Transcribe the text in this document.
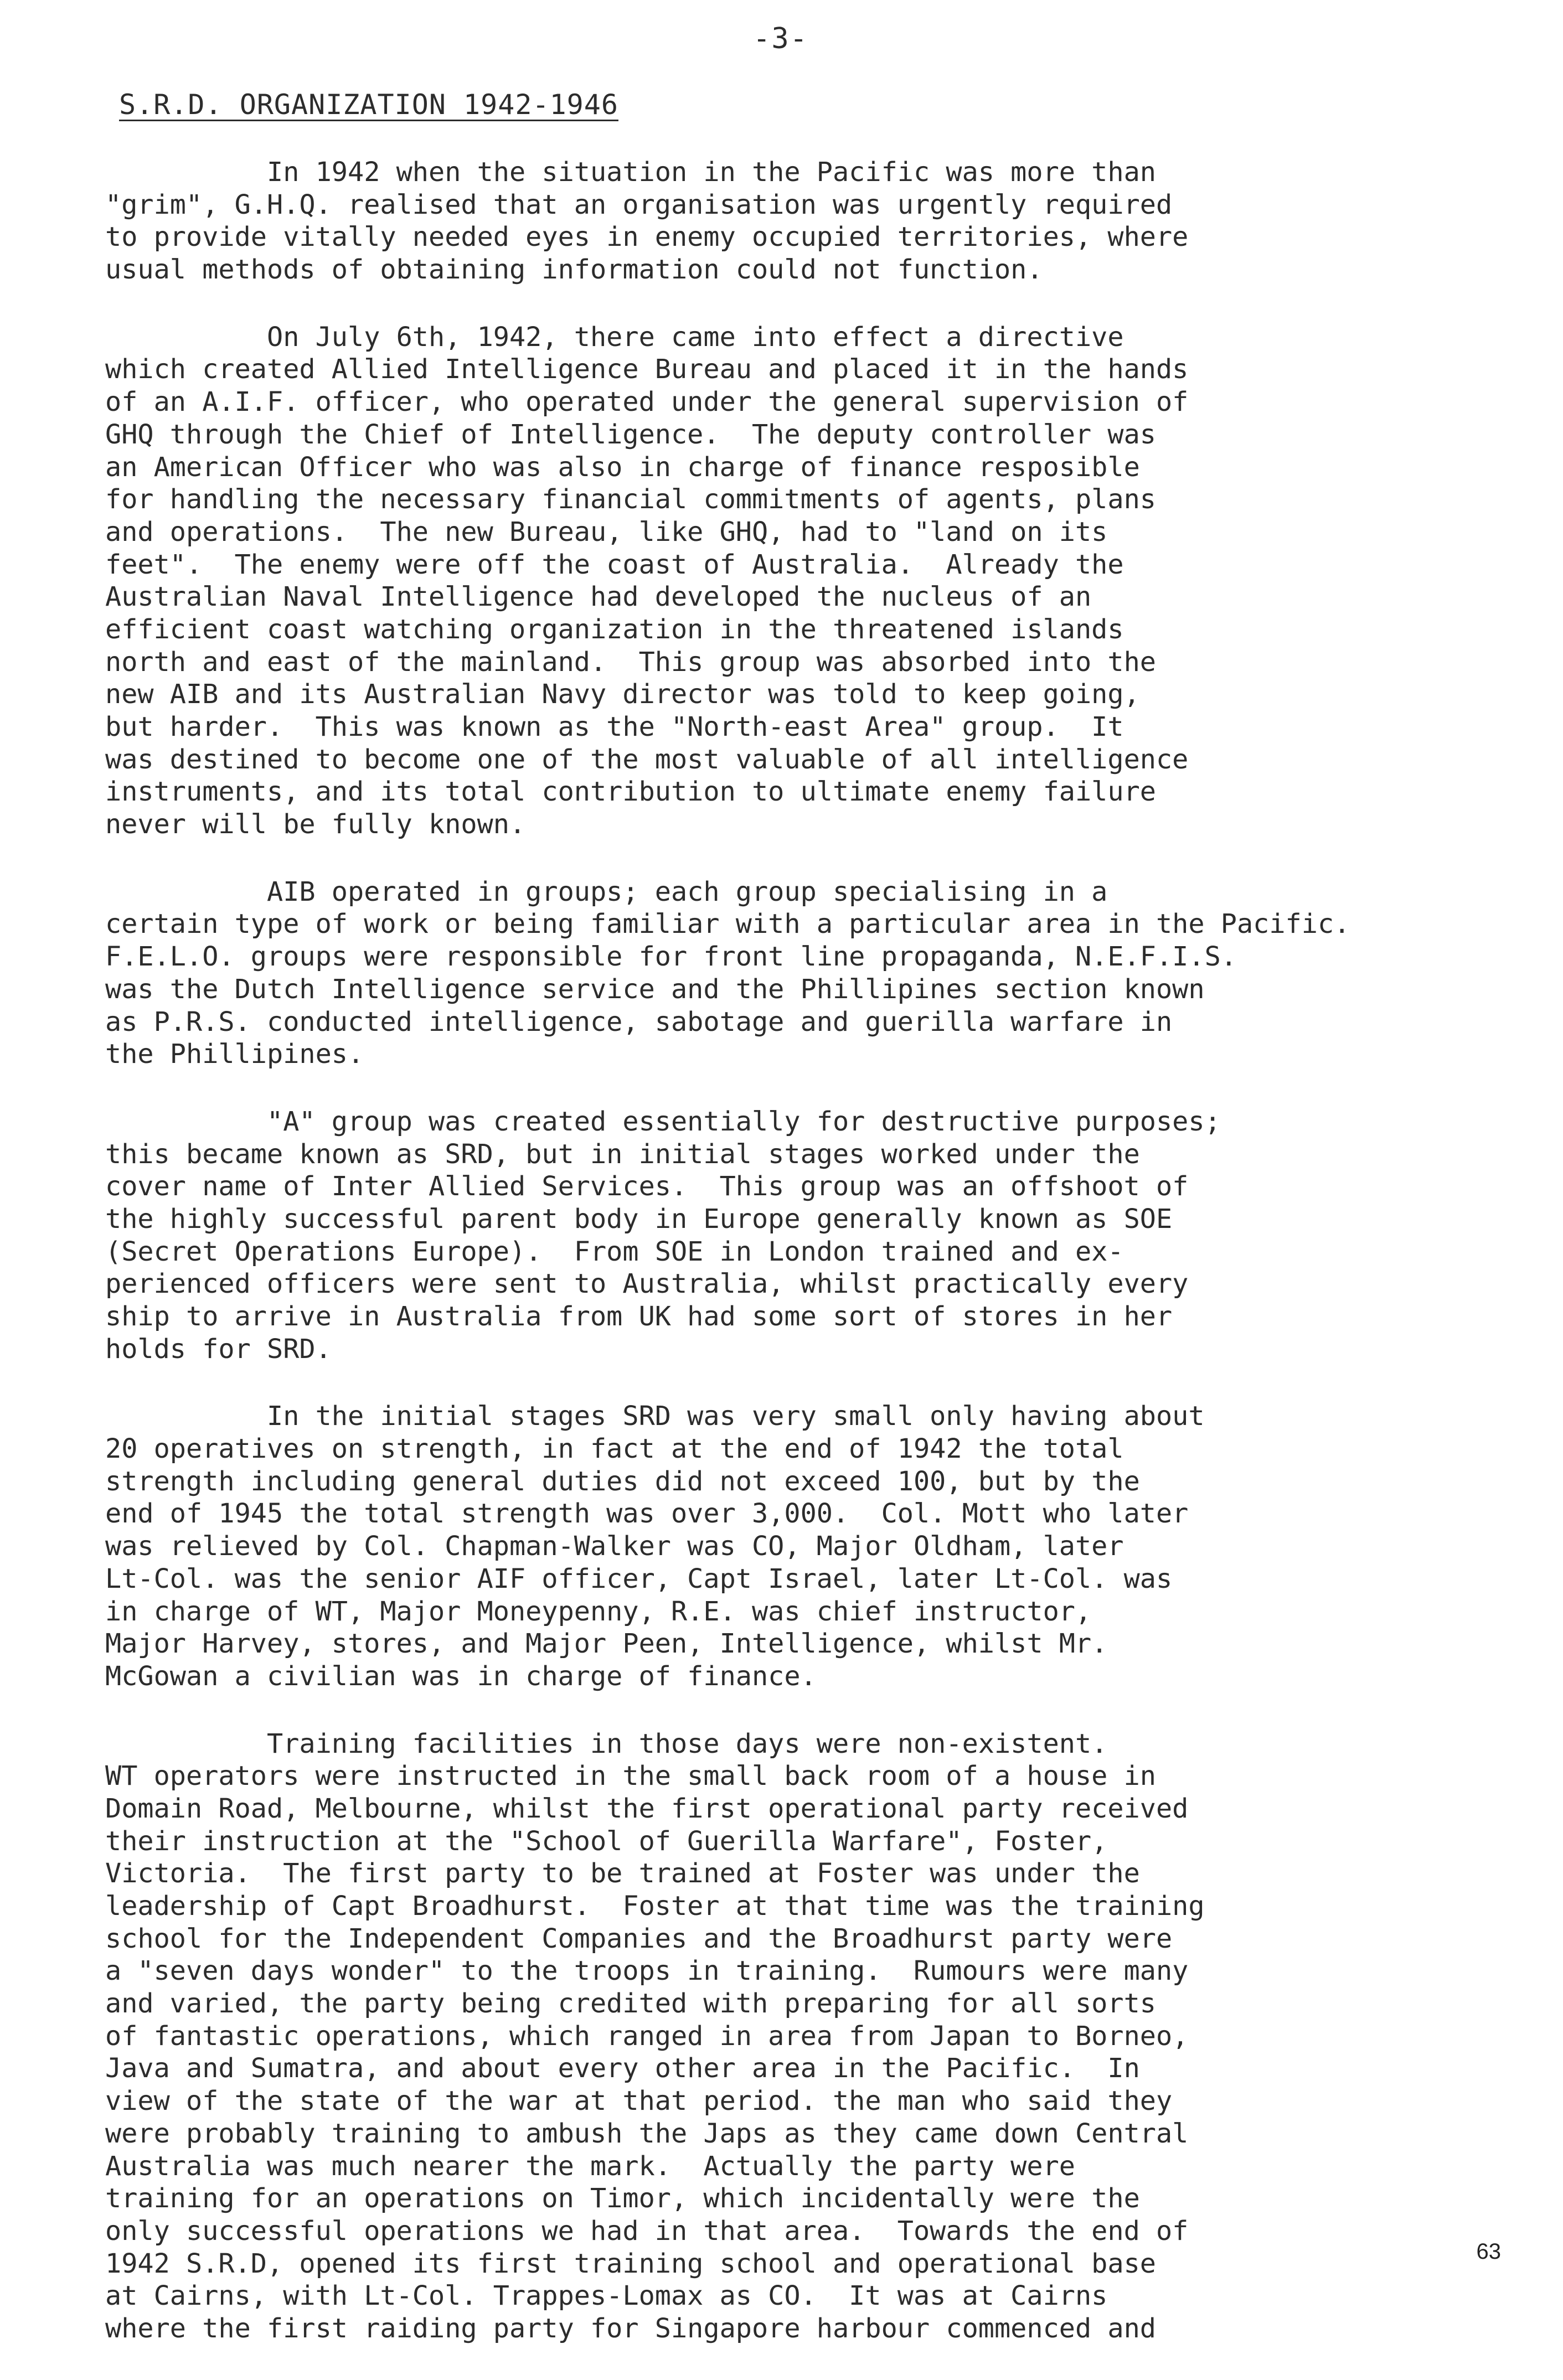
-3-
S.R.D. ORGANIZATION 1942-1946
In 1942 when the situation in the Pacific was more than
"grim", G.H.Q. realised that an organisation was urgently required
to provide vitally needed eyes in enemy occupied territories, where
usual methods of obtaining information could not function.
On July 6th, 1942, there came into effect a directive
which created Allied Intelligence Bureau and placed it in the hands
of an A.I.F. officer, who operated under the general supervision of
GHQ through the Chief of Intelligence.  The deputy controller was
an American Officer who was also in charge of finance resposible
for handling the necessary financial commitments of agents, plans
and operations.  The new Bureau, like GHQ, had to "land on its
feet".  The enemy were off the coast of Australia.  Already the
Australian Naval Intelligence had developed the nucleus of an
efficient coast watching organization in the threatened islands
north and east of the mainland.  This group was absorbed into the
new AIB and its Australian Navy director was told to keep going,
but harder.  This was known as the "North-east Area" group.  It
was destined to become one of the most valuable of all intelligence
instruments, and its total contribution to ultimate enemy failure
never will be fully known.
AIB operated in groups; each group specialising in a
certain type of work or being familiar with a particular area in the Pacific.
F.E.L.O. groups were responsible for front line propaganda, N.E.F.I.S.
was the Dutch Intelligence service and the Phillipines section known
as P.R.S. conducted intelligence, sabotage and guerilla warfare in
the Phillipines.
"A" group was created essentially for destructive purposes;
this became known as SRD, but in initial stages worked under the
cover name of Inter Allied Services.  This group was an offshoot of
the highly successful parent body in Europe generally known as SOE
(Secret Operations Europe).  From SOE in London trained and ex-
perienced officers were sent to Australia, whilst practically every
ship to arrive in Australia from UK had some sort of stores in her
holds for SRD.
In the initial stages SRD was very small only having about
20 operatives on strength, in fact at the end of 1942 the total
strength including general duties did not exceed 100, but by the
end of 1945 the total strength was over 3,000.  Col. Mott who later
was relieved by Col. Chapman-Walker was CO, Major Oldham, later
Lt-Col. was the senior AIF officer, Capt Israel, later Lt-Col. was
in charge of WT, Major Moneypenny, R.E. was chief instructor,
Major Harvey, stores, and Major Peen, Intelligence, whilst Mr.
McGowan a civilian was in charge of finance.
Training facilities in those days were non-existent.
WT operators were instructed in the small back room of a house in
Domain Road, Melbourne, whilst the first operational party received
their instruction at the "School of Guerilla Warfare", Foster,
Victoria.  The first party to be trained at Foster was under the
leadership of Capt Broadhurst.  Foster at that time was the training
school for the Independent Companies and the Broadhurst party were
a "seven days wonder" to the troops in training.  Rumours were many
and varied, the party being credited with preparing for all sorts
of fantastic operations, which ranged in area from Japan to Borneo,
Java and Sumatra, and about every other area in the Pacific.  In
view of the state of the war at that period. the man who said they
were probably training to ambush the Japs as they came down Central
Australia was much nearer the mark.  Actually the party were
training for an operations on Timor, which incidentally were the
only successful operations we had in that area.  Towards the end of
1942 S.R.D, opened its first training school and operational base
at Cairns, with Lt-Col. Trappes-Lomax as CO.  It was at Cairns
where the first raiding party for Singapore harbour commenced and
63
